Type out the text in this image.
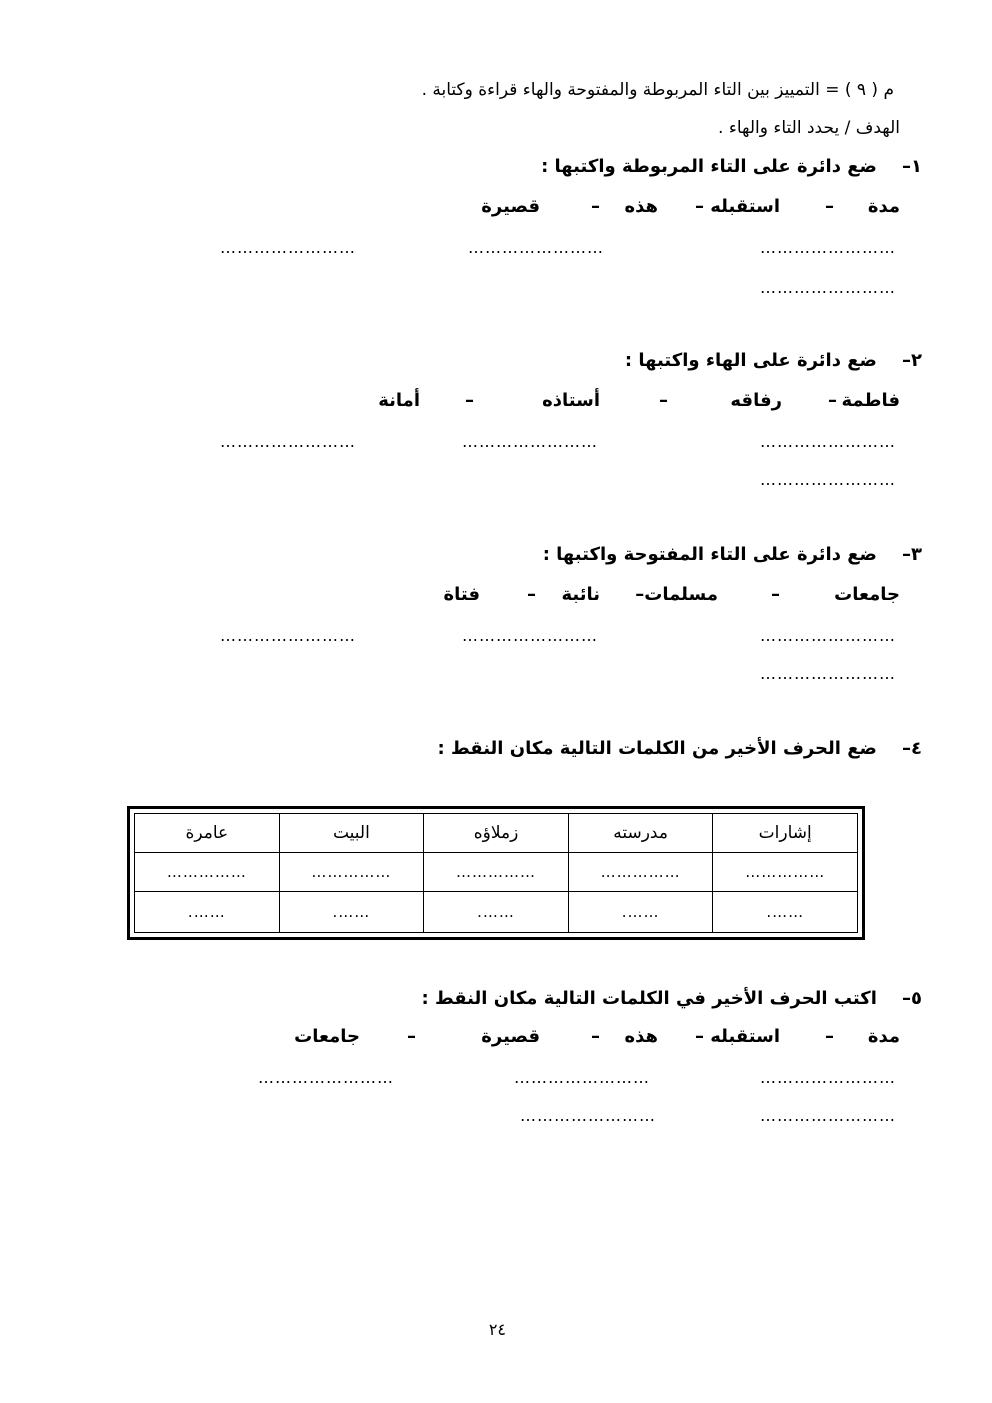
م ( ٩ ) = التمييز بين التاء المربوطة والمفتوحة والهاء قراءة وكتابة .
الهدف / يحدد التاء والهاء .
١–    ضع دائرة على التاء المربوطة واكتبها :
مدة
–
استقبله –
هذه
–
قصيرة
……………………
……………………
……………………
……………………
٢–    ضع دائرة على الهاء واكتبها :
فاطمة
–
رفاقه
–
أستاذه
–
أمانة
……………………
……………………
……………………
……………………
٣–    ضع دائرة على التاء المفتوحة واكتبها :
جامعات
–
مسلمات–
نائبة
–
فتاة
……………………
……………………
……………………
……………………
٤–    ضع الحرف الأخير من الكلمات التالية مكان النقط :
إشارات	مدرسته	زملاؤه	البيت	عامرة
……………	……………	……………	……………	……………
…….	…….	…….	…….	…….
٥–    اكتب الحرف الأخير في الكلمات التالية مكان النقط :
مدة
–
استقبله –
هذه
–
قصيرة
–
جامعات
……………………
……………………
……………………
……………………
……………………
٢٤
